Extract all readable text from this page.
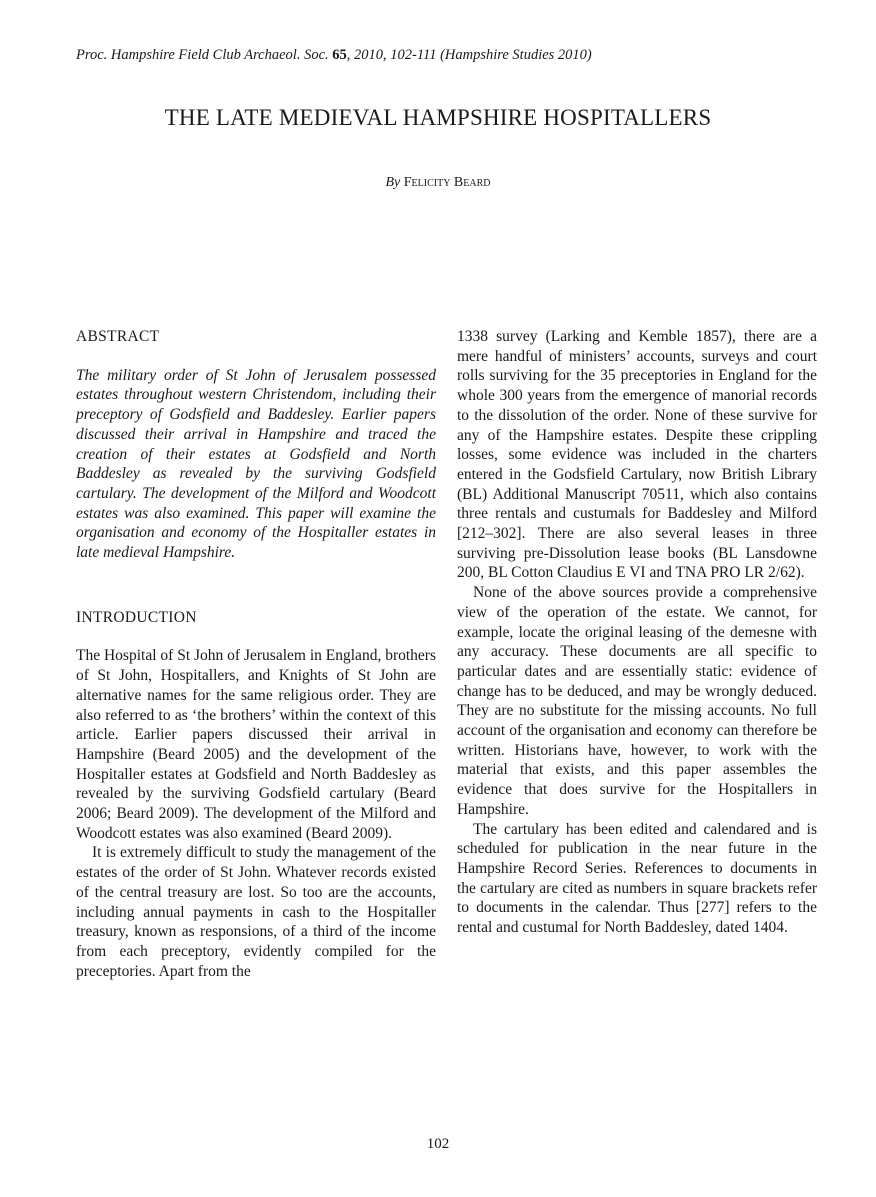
Proc. Hampshire Field Club Archaeol. Soc. 65, 2010, 102-111 (Hampshire Studies 2010)
THE LATE MEDIEVAL HAMPSHIRE HOSPITALLERS
By Felicity Beard
ABSTRACT

The military order of St John of Jerusalem possessed estates throughout western Christendom, including their preceptory of Godsfield and Baddesley. Earlier papers discussed their arrival in Hampshire and traced the creation of their estates at Godsfield and North Baddesley as revealed by the surviving Godsfield cartulary. The development of the Milford and Woodcott estates was also examined. This paper will examine the organisation and economy of the Hospitaller estates in late medieval Hampshire.

INTRODUCTION

The Hospital of St John of Jerusalem in England, brothers of St John, Hospitallers, and Knights of St John are alternative names for the same religious order. They are also referred to as ‘the brothers’ within the context of this article. Earlier papers discussed their arrival in Hampshire (Beard 2005) and the development of the Hospitaller estates at Godsfield and North Baddesley as revealed by the surviving Godsfield cartulary (Beard 2006; Beard 2009). The development of the Milford and Woodcott estates was also examined (Beard 2009).

It is extremely difficult to study the management of the estates of the order of St John. Whatever records existed of the central treasury are lost. So too are the accounts, including annual payments in cash to the Hospitaller treasury, known as responsions, of a third of the income from each preceptory, evidently compiled for the preceptories. Apart from the

1338 survey (Larking and Kemble 1857), there are a mere handful of ministers’ accounts, surveys and court rolls surviving for the 35 preceptories in England for the whole 300 years from the emergence of manorial records to the dissolution of the order. None of these survive for any of the Hampshire estates. Despite these crippling losses, some evidence was included in the charters entered in the Godsfield Cartulary, now British Library (BL) Additional Manuscript 70511, which also contains three rentals and custumals for Baddesley and Milford [212–302]. There are also several leases in three surviving pre-Dissolution lease books (BL Lansdowne 200, BL Cotton Claudius E VI and TNA PRO LR 2/62).

None of the above sources provide a comprehensive view of the operation of the estate. We cannot, for example, locate the original leasing of the demesne with any accuracy. These documents are all specific to particular dates and are essentially static: evidence of change has to be deduced, and may be wrongly deduced. They are no substitute for the missing accounts. No full account of the organisation and economy can therefore be written. Historians have, however, to work with the material that exists, and this paper assembles the evidence that does survive for the Hospitallers in Hampshire.

The cartulary has been edited and calendared and is scheduled for publication in the near future in the Hampshire Record Series. References to documents in the cartulary are cited as numbers in square brackets refer to documents in the calendar. Thus [277] refers to the rental and custumal for North Baddesley, dated 1404.

102
